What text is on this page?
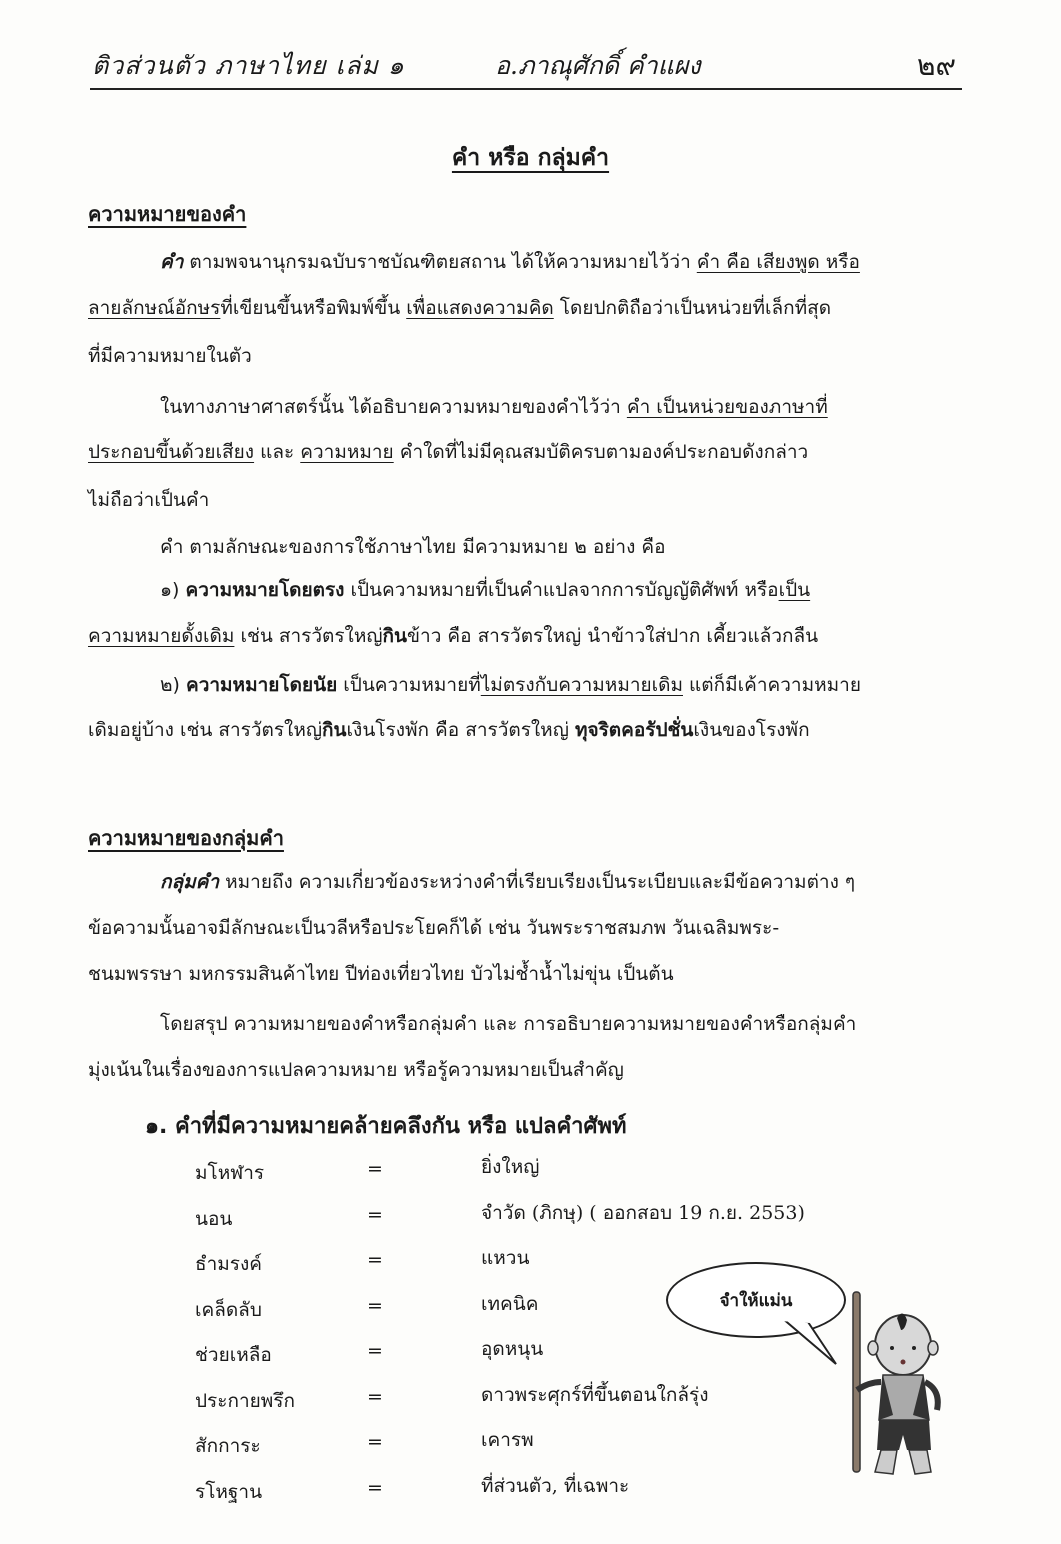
ติวส่วนตัว ภาษาไทย เล่ม ๑	อ.ภาณุศักดิ์ คำแผง	๒๙
คำ หรือ กลุ่มคำ
ความหมายของคำ
คำ ตามพจนานุกรมฉบับราชบัณฑิตยสถาน ได้ให้ความหมายไว้ว่า คำ คือ เสียงพูด หรือ
ลายลักษณ์อักษรที่เขียนขึ้นหรือพิมพ์ขึ้น เพื่อแสดงความคิด โดยปกติถือว่าเป็นหน่วยที่เล็กที่สุด
ที่มีความหมายในตัว
ในทางภาษาศาสตร์นั้น ได้อธิบายความหมายของคำไว้ว่า คำ เป็นหน่วยของภาษาที่
ประกอบขึ้นด้วยเสียง และ ความหมาย คำใดที่ไม่มีคุณสมบัติครบตามองค์ประกอบดังกล่าว
ไม่ถือว่าเป็นคำ
คำ ตามลักษณะของการใช้ภาษาไทย มีความหมาย ๒ อย่าง คือ
๑) ความหมายโดยตรง เป็นความหมายที่เป็นคำแปลจากการบัญญัติศัพท์ หรือเป็น
ความหมายดั้งเดิม เช่น สารวัตรใหญ่กินข้าว คือ สารวัตรใหญ่ นำข้าวใส่ปาก เคี้ยวแล้วกลืน
๒) ความหมายโดยนัย เป็นความหมายที่ไม่ตรงกับความหมายเดิม แต่ก็มีเค้าความหมาย
เดิมอยู่บ้าง เช่น สารวัตรใหญ่กินเงินโรงพัก คือ สารวัตรใหญ่ ทุจริตคอรัปชั่นเงินของโรงพัก
ความหมายของกลุ่มคำ
กลุ่มคำ หมายถึง ความเกี่ยวข้องระหว่างคำที่เรียบเรียงเป็นระเบียบและมีข้อความต่าง ๆ
ข้อความนั้นอาจมีลักษณะเป็นวลีหรือประโยคก็ได้ เช่น วันพระราชสมภพ วันเฉลิมพระ-
ชนมพรรษา มหกรรมสินค้าไทย ปีท่องเที่ยวไทย บัวไม่ช้ำน้ำไม่ขุ่น เป็นต้น
โดยสรุป ความหมายของคำหรือกลุ่มคำ และ การอธิบายความหมายของคำหรือกลุ่มคำ
มุ่งเน้นในเรื่องของการแปลความหมาย หรือรู้ความหมายเป็นสำคัญ
๑. คำที่มีความหมายคล้ายคลึงกัน หรือ แปลคำศัพท์
มโหฬาร	=	ยิ่งใหญ่
นอน	=	จำวัด (ภิกษุ) ( ออกสอบ 19 ก.ย. 2553)
ธำมรงค์	=	แหวน
เคล็ดลับ	=	เทคนิค
ช่วยเหลือ	=	อุดหนุน
ประกายพรึก	=	ดาวพระศุกร์ที่ขึ้นตอนใกล้รุ่ง
สักการะ	=	เคารพ
รโหฐาน	=	ที่ส่วนตัว, ที่เฉพาะ
จำให้แม่น
